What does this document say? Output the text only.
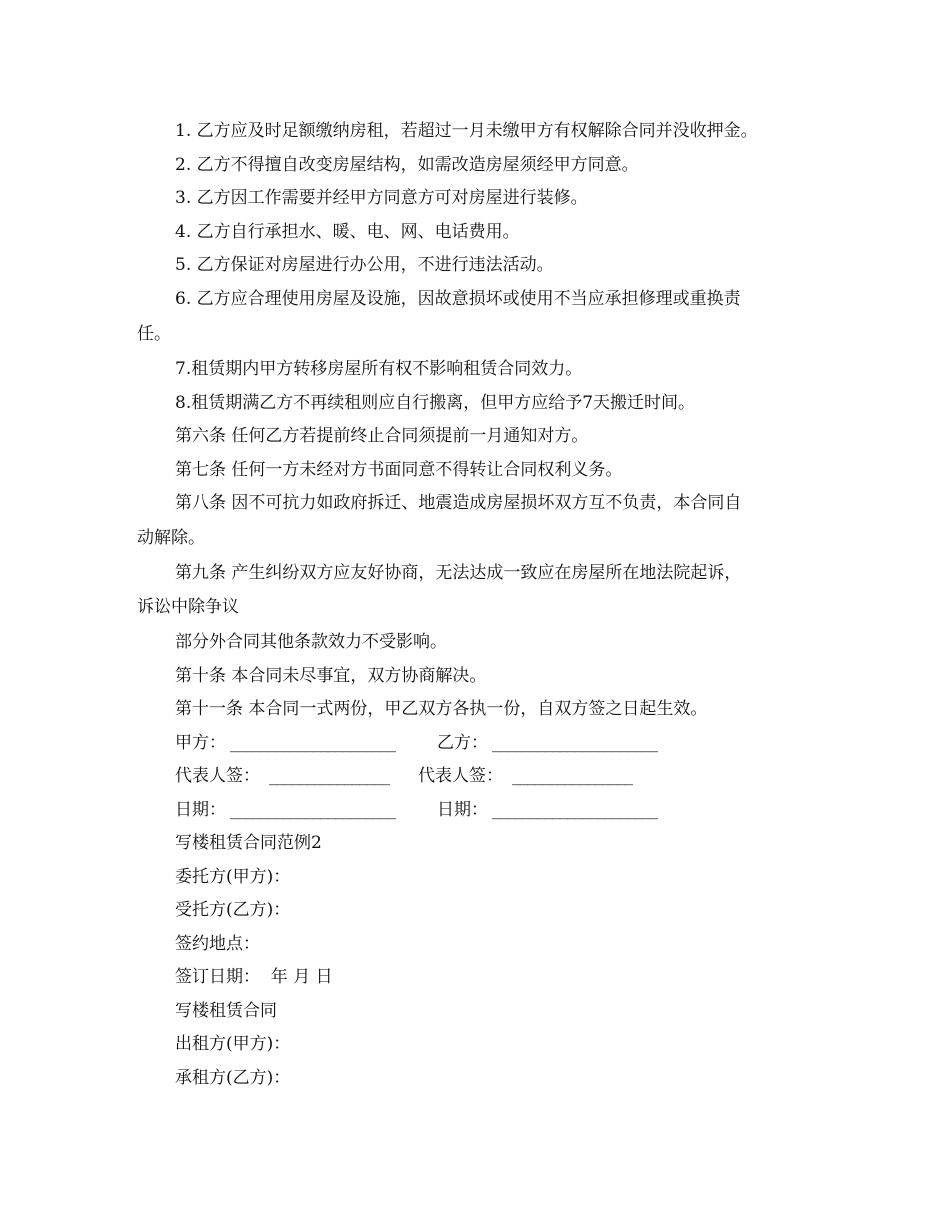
1. 乙方应及时足额缴纳房租，若超过一月未缴甲方有权解除合同并没收押金。
2. 乙方不得擅自改变房屋结构，如需改造房屋须经甲方同意。
3. 乙方因工作需要并经甲方同意方可对房屋进行装修。
4. 乙方自行承担水、暖、电、网、电话费用。
5. 乙方保证对房屋进行办公用，不进行违法活动。
6. 乙方应合理使用房屋及设施，因故意损坏或使用不当应承担修理或重换责
任。
7.租赁期内甲方转移房屋所有权不影响租赁合同效力。
8.租赁期满乙方不再续租则应自行搬离，但甲方应给予7天搬迁时间。
第六条 任何乙方若提前终止合同须提前一月通知对方。
第七条 任何一方未经对方书面同意不得转让合同权利义务。
第八条 因不可抗力如政府拆迁、地震造成房屋损坏双方互不负责，本合同自
动解除。
第九条 产生纠纷双方应友好协商，无法达成一致应在房屋所在地法院起诉，
诉讼中除争议
部分外合同其他条款效力不受影响。
第十条 本合同未尽事宜，双方协商解决。
第十一条 本合同一式两份，甲乙双方各执一份，自双方签之日起生效。
甲方： ______________________ 乙方： ______________________
代表人签： ________________ 代表人签： ________________
日期： ______________________ 日期： ______________________
写楼租赁合同范例2
委托方(甲方)：
受托方(乙方)：
签约地点：
签订日期：  年 月 日
写楼租赁合同
出租方(甲方)：
承租方(乙方)：
